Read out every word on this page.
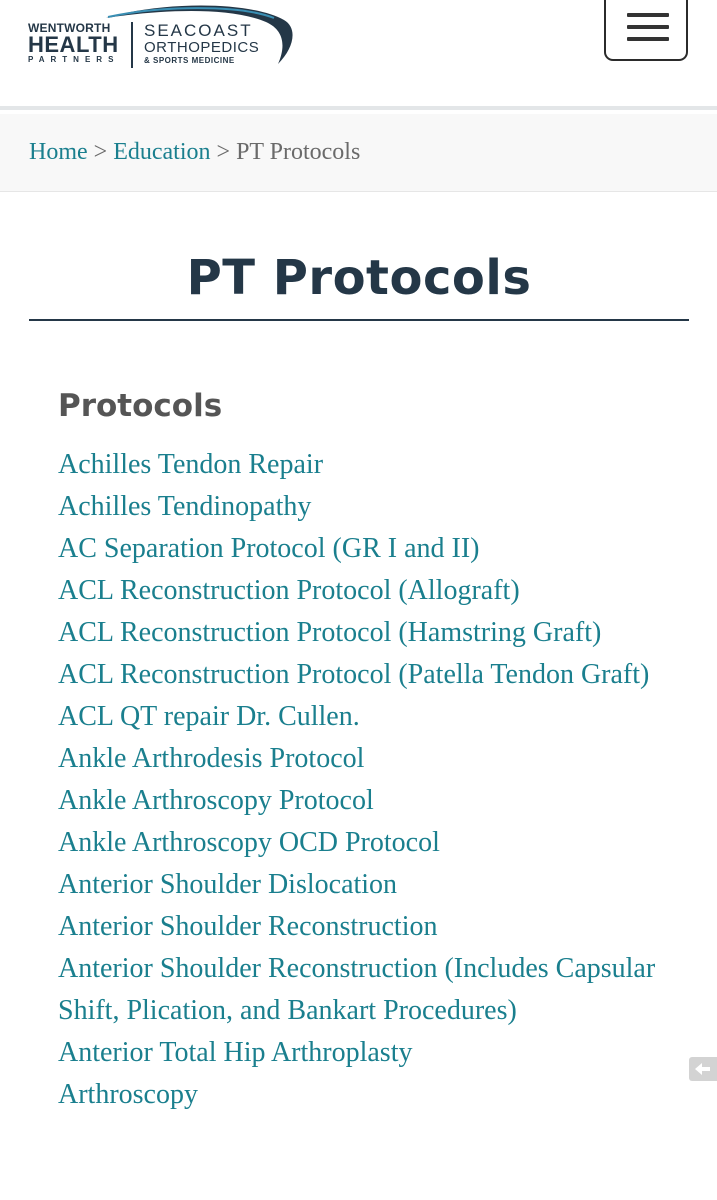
WENTWORTH
HEALTH
PARTNERS
SEACOAST
ORTHOPEDICS
& SPORTS MEDICINE
Home > Education > PT Protocols
PT Protocols
Protocols
Achilles Tendon Repair
Achilles Tendinopathy
AC Separation Protocol (GR I and II)
ACL Reconstruction Protocol (Allograft)
ACL Reconstruction Protocol (Hamstring Graft)
ACL Reconstruction Protocol (Patella Tendon Graft)
ACL QT repair Dr. Cullen.
Ankle Arthrodesis Protocol
Ankle Arthroscopy Protocol
Ankle Arthroscopy OCD Protocol
Anterior Shoulder Dislocation
Anterior Shoulder Reconstruction
Anterior Shoulder Reconstruction (Includes Capsular Shift, Plication, and Bankart Procedures)
Anterior Total Hip Arthroplasty
Arthroscopy
